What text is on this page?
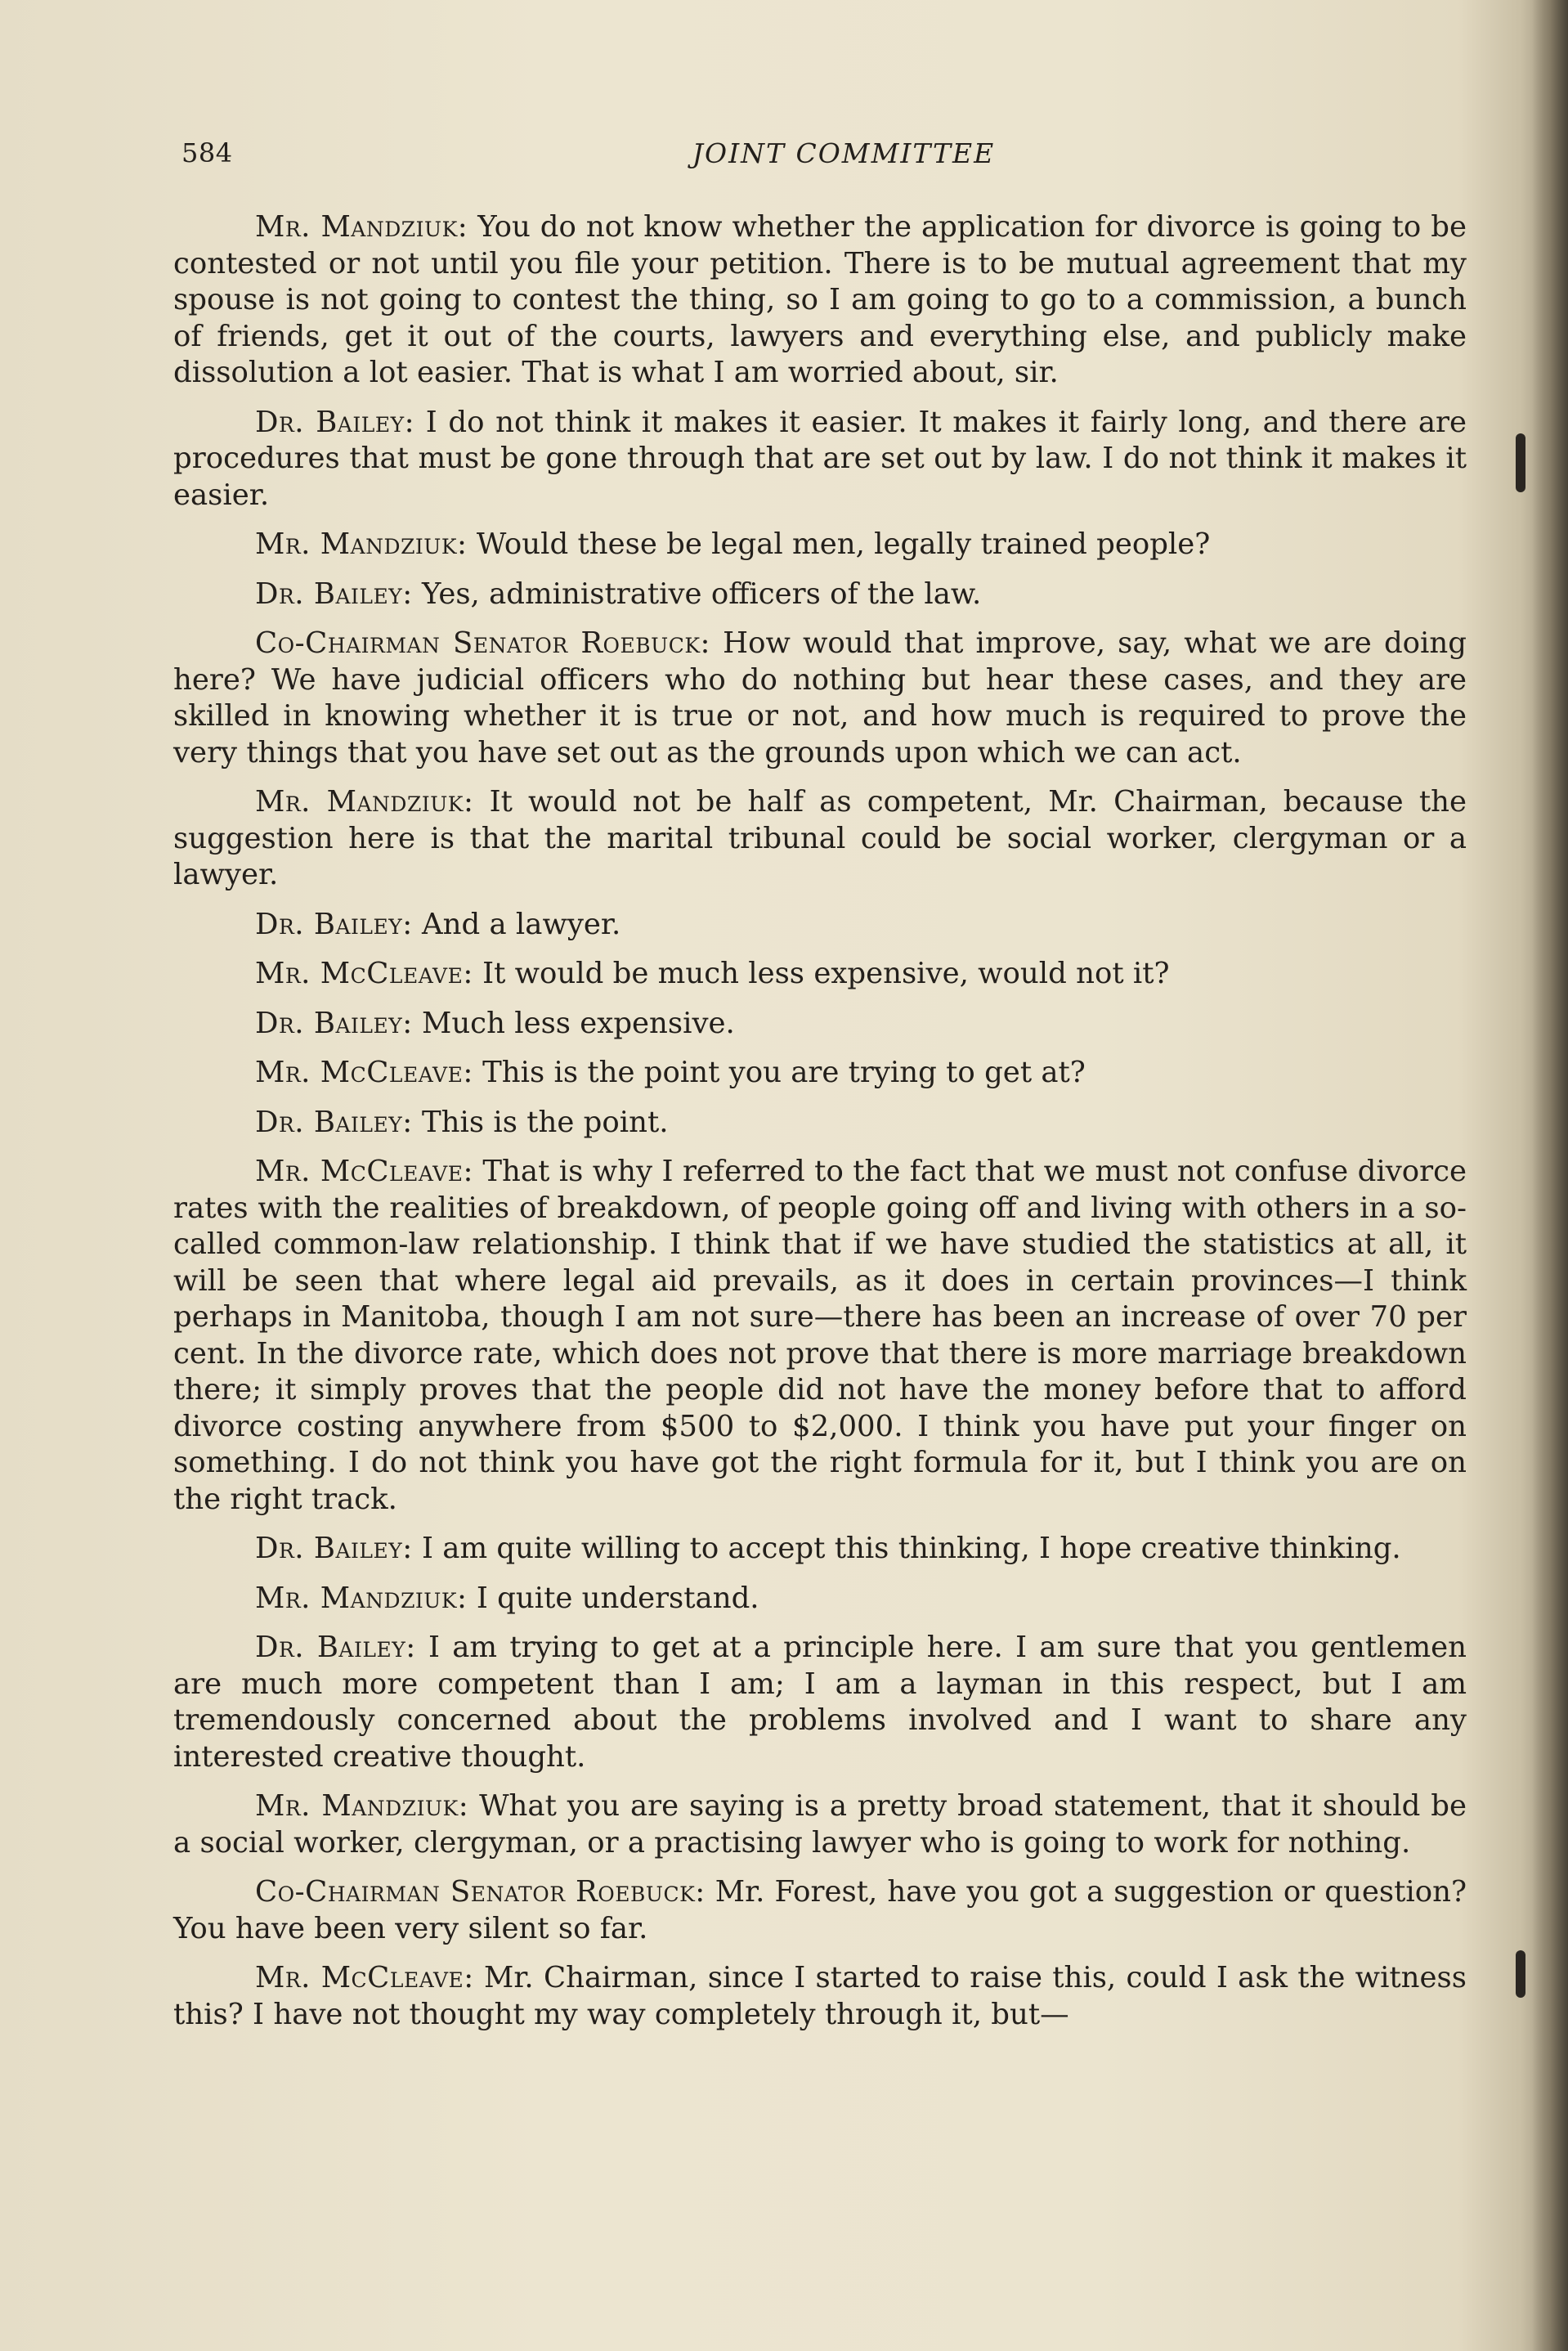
584	JOINT COMMITTEE

Mr. Mandziuk: You do not know whether the application for divorce is going to be contested or not until you file your petition. There is to be mutual agreement that my spouse is not going to contest the thing, so I am going to go to a commission, a bunch of friends, get it out of the courts, lawyers and everything else, and publicly make dissolution a lot easier. That is what I am worried about, sir.

Dr. Bailey: I do not think it makes it easier. It makes it fairly long, and there are procedures that must be gone through that are set out by law. I do not think it makes it easier.

Mr. Mandziuk: Would these be legal men, legally trained people?

Dr. Bailey: Yes, administrative officers of the law.

Co-Chairman Senator Roebuck: How would that improve, say, what we are doing here? We have judicial officers who do nothing but hear these cases, and they are skilled in knowing whether it is true or not, and how much is required to prove the very things that you have set out as the grounds upon which we can act.

Mr. Mandziuk: It would not be half as competent, Mr. Chairman, because the suggestion here is that the marital tribunal could be social worker, clergyman or a lawyer.

Dr. Bailey: And a lawyer.

Mr. McCleave: It would be much less expensive, would not it?

Dr. Bailey: Much less expensive.

Mr. McCleave: This is the point you are trying to get at?

Dr. Bailey: This is the point.

Mr. McCleave: That is why I referred to the fact that we must not confuse divorce rates with the realities of breakdown, of people going off and living with others in a so-called common-law relationship. I think that if we have studied the statistics at all, it will be seen that where legal aid prevails, as it does in certain provinces—I think perhaps in Manitoba, though I am not sure—there has been an increase of over 70 per cent. In the divorce rate, which does not prove that there is more marriage breakdown there; it simply proves that the people did not have the money before that to afford divorce costing anywhere from $500 to $2,000. I think you have put your finger on something. I do not think you have got the right formula for it, but I think you are on the right track.

Dr. Bailey: I am quite willing to accept this thinking, I hope creative thinking.

Mr. Mandziuk: I quite understand.

Dr. Bailey: I am trying to get at a principle here. I am sure that you gentlemen are much more competent than I am; I am a layman in this respect, but I am tremendously concerned about the problems involved and I want to share any interested creative thought.

Mr. Mandziuk: What you are saying is a pretty broad statement, that it should be a social worker, clergyman, or a practising lawyer who is going to work for nothing.

Co-Chairman Senator Roebuck: Mr. Forest, have you got a suggestion or question? You have been very silent so far.

Mr. McCleave: Mr. Chairman, since I started to raise this, could I ask the witness this? I have not thought my way completely through it, but—
